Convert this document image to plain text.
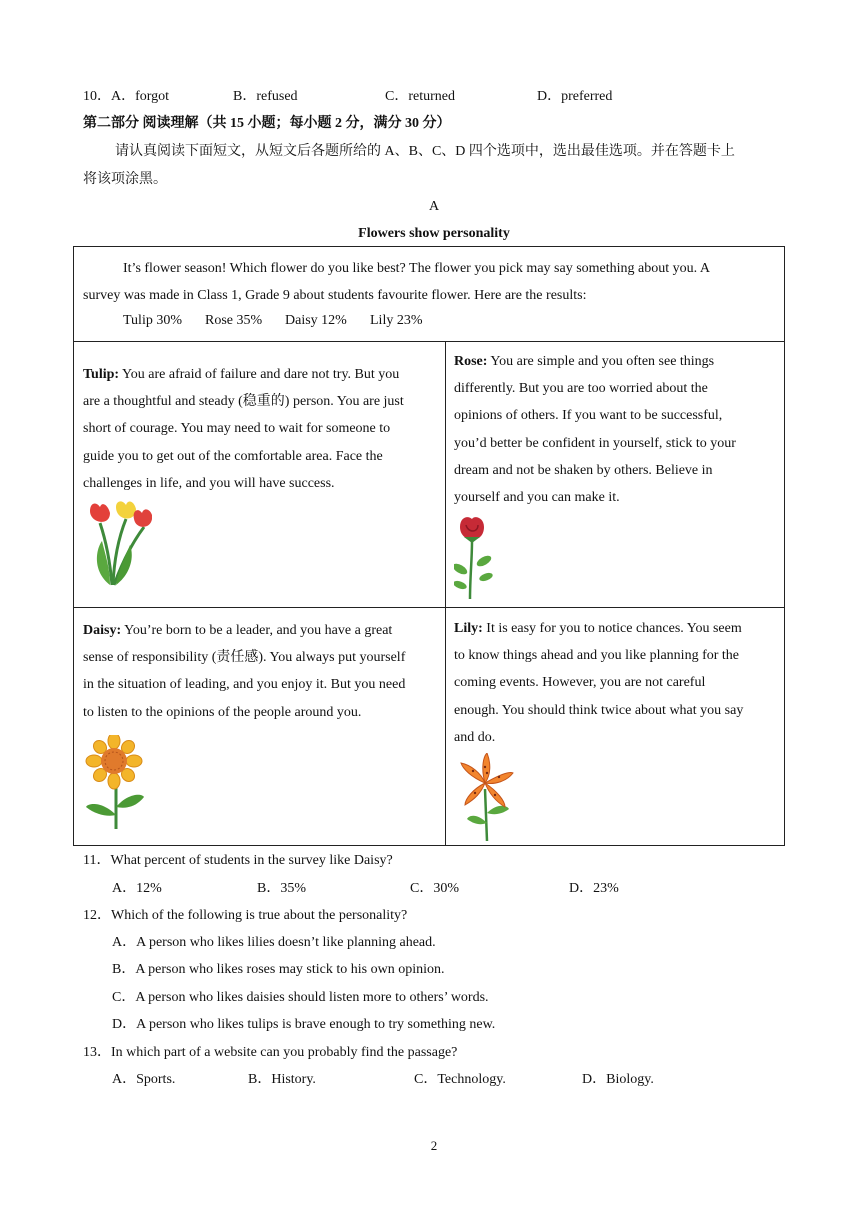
10．A．forgot	B．refused	C．returned	D．preferred
第二部分 阅读理解（共 15 小题；每小题 2 分，满分 30 分）
请认真阅读下面短文，从短文后各题所给的 A、B、C、D 四个选项中，选出最佳选项。并在答题卡上
将该项涂黑。
A
Flowers show personality
It’s flower season! Which flower do you like best? The flower you pick may say something about you. A
survey was made in Class 1, Grade 9 about students favourite flower. Here are the results:
Tulip 30% Rose 35% Daisy 12% Lily 23%
Tulip: You are afraid of failure and dare not try. But you
are a thoughtful and steady (稳重的) person. You are just
short of courage. You may need to wait for someone to
guide you to get out of the comfortable area. Face the
challenges in life, and you will have success.
Rose: You are simple and you often see things
differently. But you are too worried about the
opinions of others. If you want to be successful,
you’d better be confident in yourself, stick to your
dream and not be shaken by others. Believe in
yourself and you can make it.
Daisy: You’re born to be a leader, and you have a great
sense of responsibility (责任感). You always put yourself
in the situation of leading, and you enjoy it. But you need
to listen to the opinions of the people around you.
Lily: It is easy for you to notice chances. You seem
to know things ahead and you like planning for the
coming events. However, you are not careful
enough. You should think twice about what you say
and do.
11．What percent of students in the survey like Daisy?
A．12%	B．35%	C．30%	D．23%
12．Which of the following is true about the personality?
A．A person who likes lilies doesn’t like planning ahead.
B．A person who likes roses may stick to his own opinion.
C．A person who likes daisies should listen more to others’ words.
D．A person who likes tulips is brave enough to try something new.
13．In which part of a website can you probably find the passage?
A．Sports.	B．History.	C．Technology.	D．Biology.
2
